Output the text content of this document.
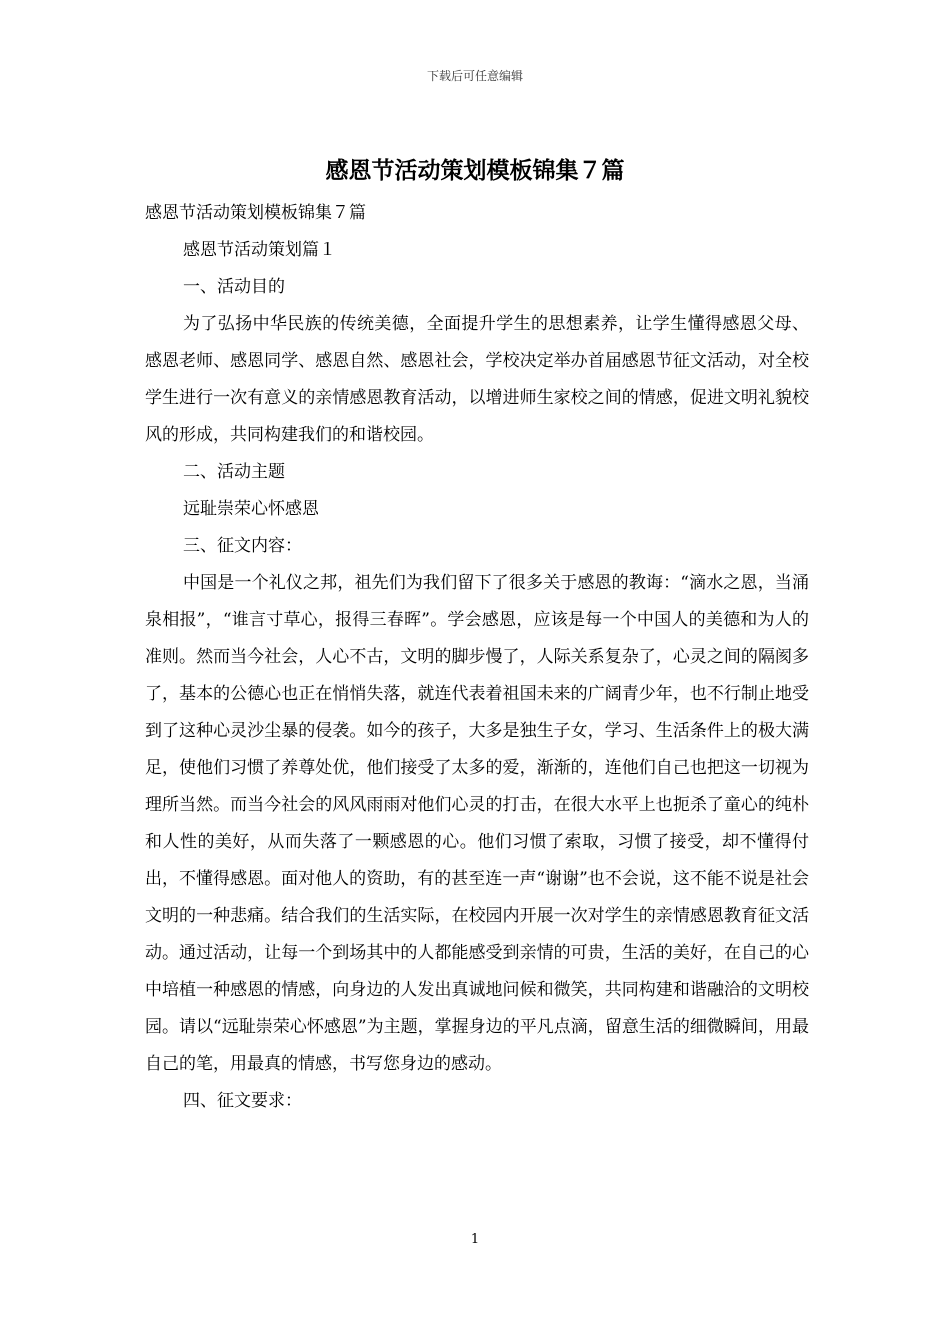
下载后可任意编辑
感恩节活动策划模板锦集７篇

感恩节活动策划模板锦集７篇

感恩节活动策划篇１

一、活动目的

为了弘扬中华民族的传统美德，全面提升学生的思想素养，让学生懂得感恩父母、感恩老师、感恩同学、感恩自然、感恩社会，学校决定举办首届感恩节征文活动，对全校学生进行一次有意义的亲情感恩教育活动，以增进师生家校之间的情感，促进文明礼貌校风的形成，共同构建我们的和谐校园。

二、活动主题

远耻崇荣心怀感恩

三、征文内容：

中国是一个礼仪之邦，祖先们为我们留下了很多关于感恩的教诲：“滴水之恩，当涌泉相报”，“谁言寸草心，报得三春晖”。学会感恩，应该是每一个中国人的美德和为人的准则。然而当今社会，人心不古，文明的脚步慢了，人际关系复杂了，心灵之间的隔阂多了，基本的公德心也正在悄悄失落，就连代表着祖国未来的广阔青少年，也不行制止地受到了这种心灵沙尘暴的侵袭。如今的孩子，大多是独生子女，学习、生活条件上的极大满足，使他们习惯了养尊处优，他们接受了太多的爱，渐渐的，连他们自己也把这一切视为理所当然。而当今社会的风风雨雨对他们心灵的打击，在很大水平上也扼杀了童心的纯朴和人性的美好，从而失落了一颗感恩的心。他们习惯了索取，习惯了接受，却不懂得付出，不懂得感恩。面对他人的资助，有的甚至连一声“谢谢”也不会说，这不能不说是社会文明的一种悲痛。结合我们的生活实际，在校园内开展一次对学生的亲情感恩教育征文活动。通过活动，让每一个到场其中的人都能感受到亲情的可贵，生活的美好，在自己的心中培植一种感恩的情感，向身边的人发出真诚地问候和微笑，共同构建和谐融洽的文明校园。请以“远耻崇荣心怀感恩”为主题，掌握身边的平凡点滴，留意生活的细微瞬间，用最自己的笔，用最真的情感，书写您身边的感动。

四、征文要求：

1
